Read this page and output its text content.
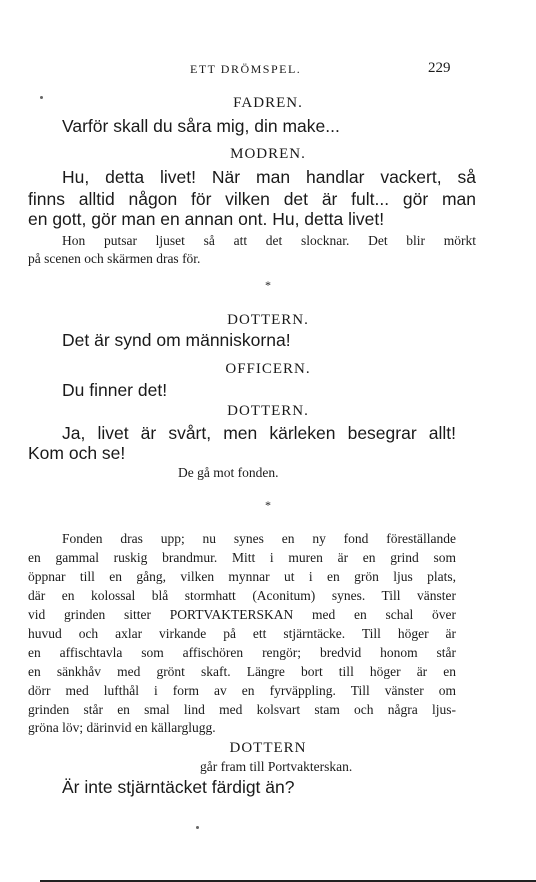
ETT DRÖMSPEL.	229
FADREN.
Varför skall du såra mig, din make...
MODREN.
Hu, detta livet! När man handlar vackert, så
finns alltid någon för vilken det är fult... gör man
en gott, gör man en annan ont. Hu, detta livet!
Hon putsar ljuset så att det slocknar. Det blir mörkt
på scenen och skärmen dras för.
*
DOTTERN.
Det är synd om människorna!
OFFICERN.
Du finner det!
DOTTERN.
Ja, livet är svårt, men kärleken besegrar allt!
Kom och se!
De gå mot fonden.
*
Fonden dras upp; nu synes en ny fond föreställande
en gammal ruskig brandmur. Mitt i muren är en grind som
öppnar till en gång, vilken mynnar ut i en grön ljus plats,
där en kolossal blå stormhatt (Aconitum) synes. Till vänster
vid grinden sitter PORTVAKTERSKAN med en schal över
huvud och axlar virkande på ett stjärntäcke. Till höger är
en affischtavla som affischören rengör; bredvid honom står
en sänkhåv med grönt skaft. Längre bort till höger är en
dörr med lufthål i form av en fyrväppling. Till vänster om
grinden står en smal lind med kolsvart stam och några ljus-
gröna löv; därinvid en källarglugg.
DOTTERN
går fram till Portvakterskan.
Är inte stjärntäcket färdigt än?
